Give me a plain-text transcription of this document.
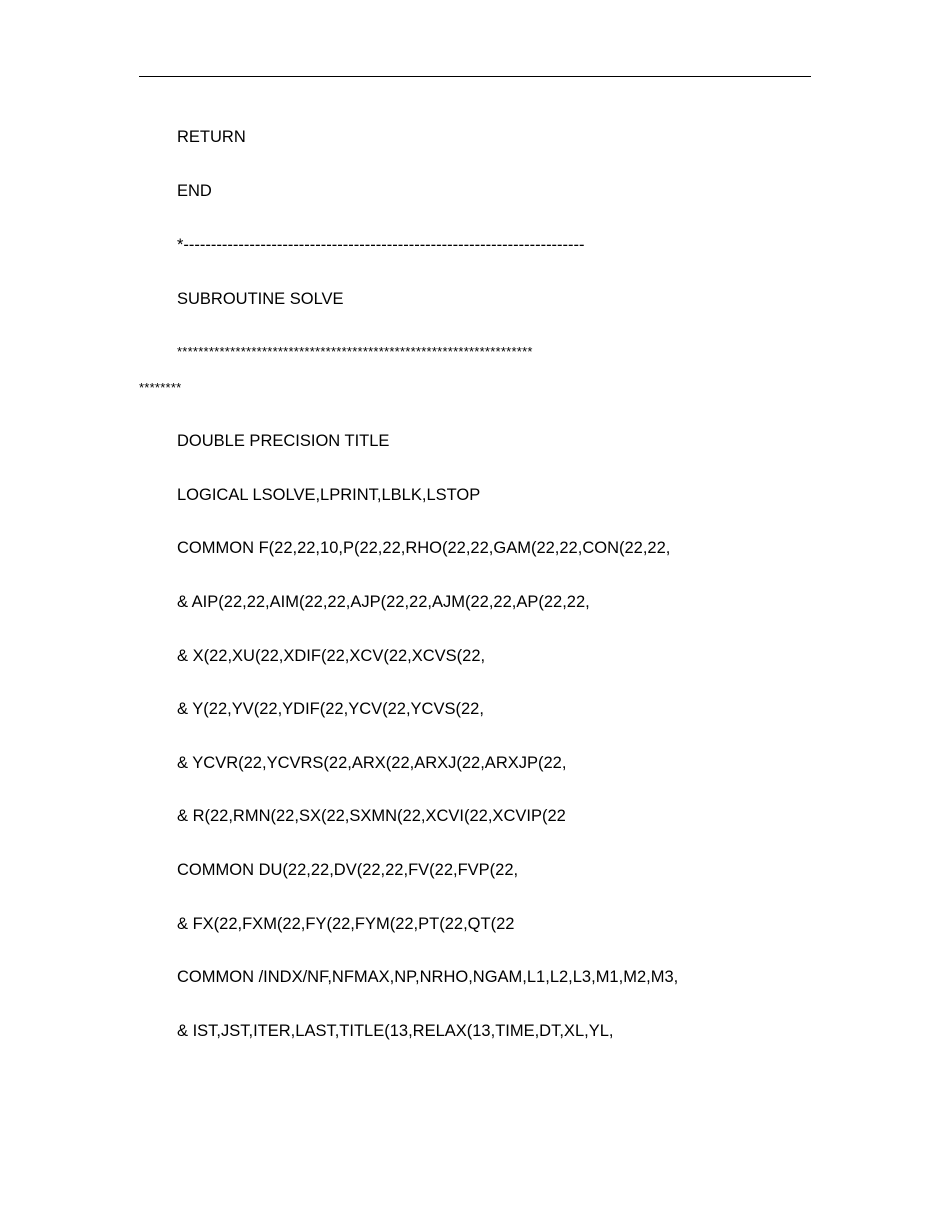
RETURN
END
*-------------------------------------------------------------------------
SUBROUTINE SOLVE
*******************************************************************
********
DOUBLE PRECISION TITLE
LOGICAL LSOLVE,LPRINT,LBLK,LSTOP
COMMON F(22,22,10,P(22,22,RHO(22,22,GAM(22,22,CON(22,22,
& AIP(22,22,AIM(22,22,AJP(22,22,AJM(22,22,AP(22,22,
& X(22,XU(22,XDIF(22,XCV(22,XCVS(22,
& Y(22,YV(22,YDIF(22,YCV(22,YCVS(22,
& YCVR(22,YCVRS(22,ARX(22,ARXJ(22,ARXJP(22,
& R(22,RMN(22,SX(22,SXMN(22,XCVI(22,XCVIP(22
COMMON DU(22,22,DV(22,22,FV(22,FVP(22,
& FX(22,FXM(22,FY(22,FYM(22,PT(22,QT(22
COMMON /INDX/NF,NFMAX,NP,NRHO,NGAM,L1,L2,L3,M1,M2,M3,
& IST,JST,ITER,LAST,TITLE(13,RELAX(13,TIME,DT,XL,YL,
